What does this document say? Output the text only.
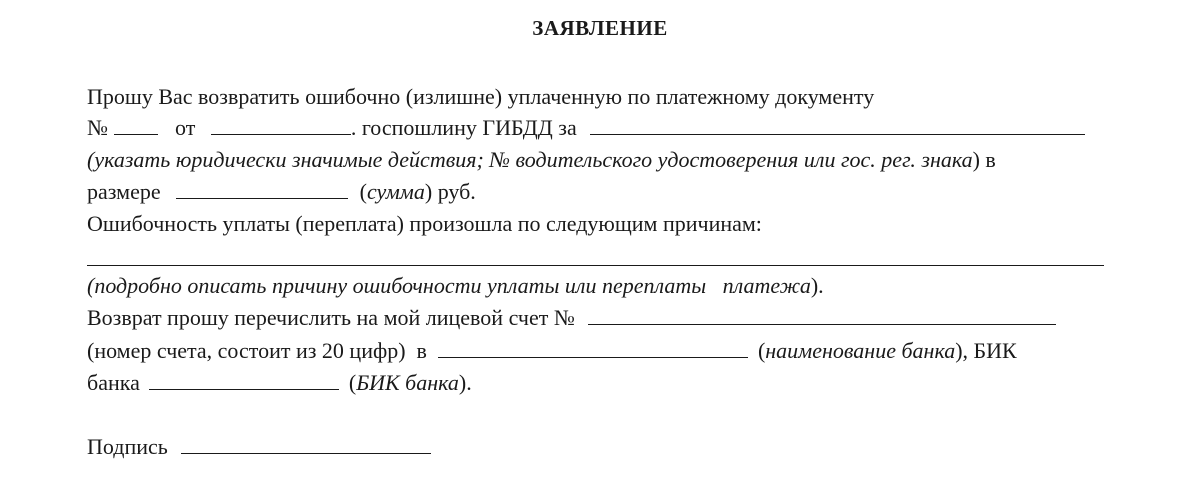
ЗАЯВЛЕНИЕ
Прошу Вас возвратить ошибочно (излишне) уплаченную по платежному документу
№	от	. госпошлину ГИБДД за
(указать юридически значимые действия; № водительского удостоверения или гос. рег. знака) в
размере	(сумма) руб.
Ошибочность уплаты (переплата) произошла по следующим причинам:
(подробно описать причину ошибочности уплаты или переплаты   платежа).
Возврат прошу перечислить на мой лицевой счет №
(номер счета, состоит из 20 цифр)  в	(наименование банка), БИК
банка	(БИК банка).
Подпись
